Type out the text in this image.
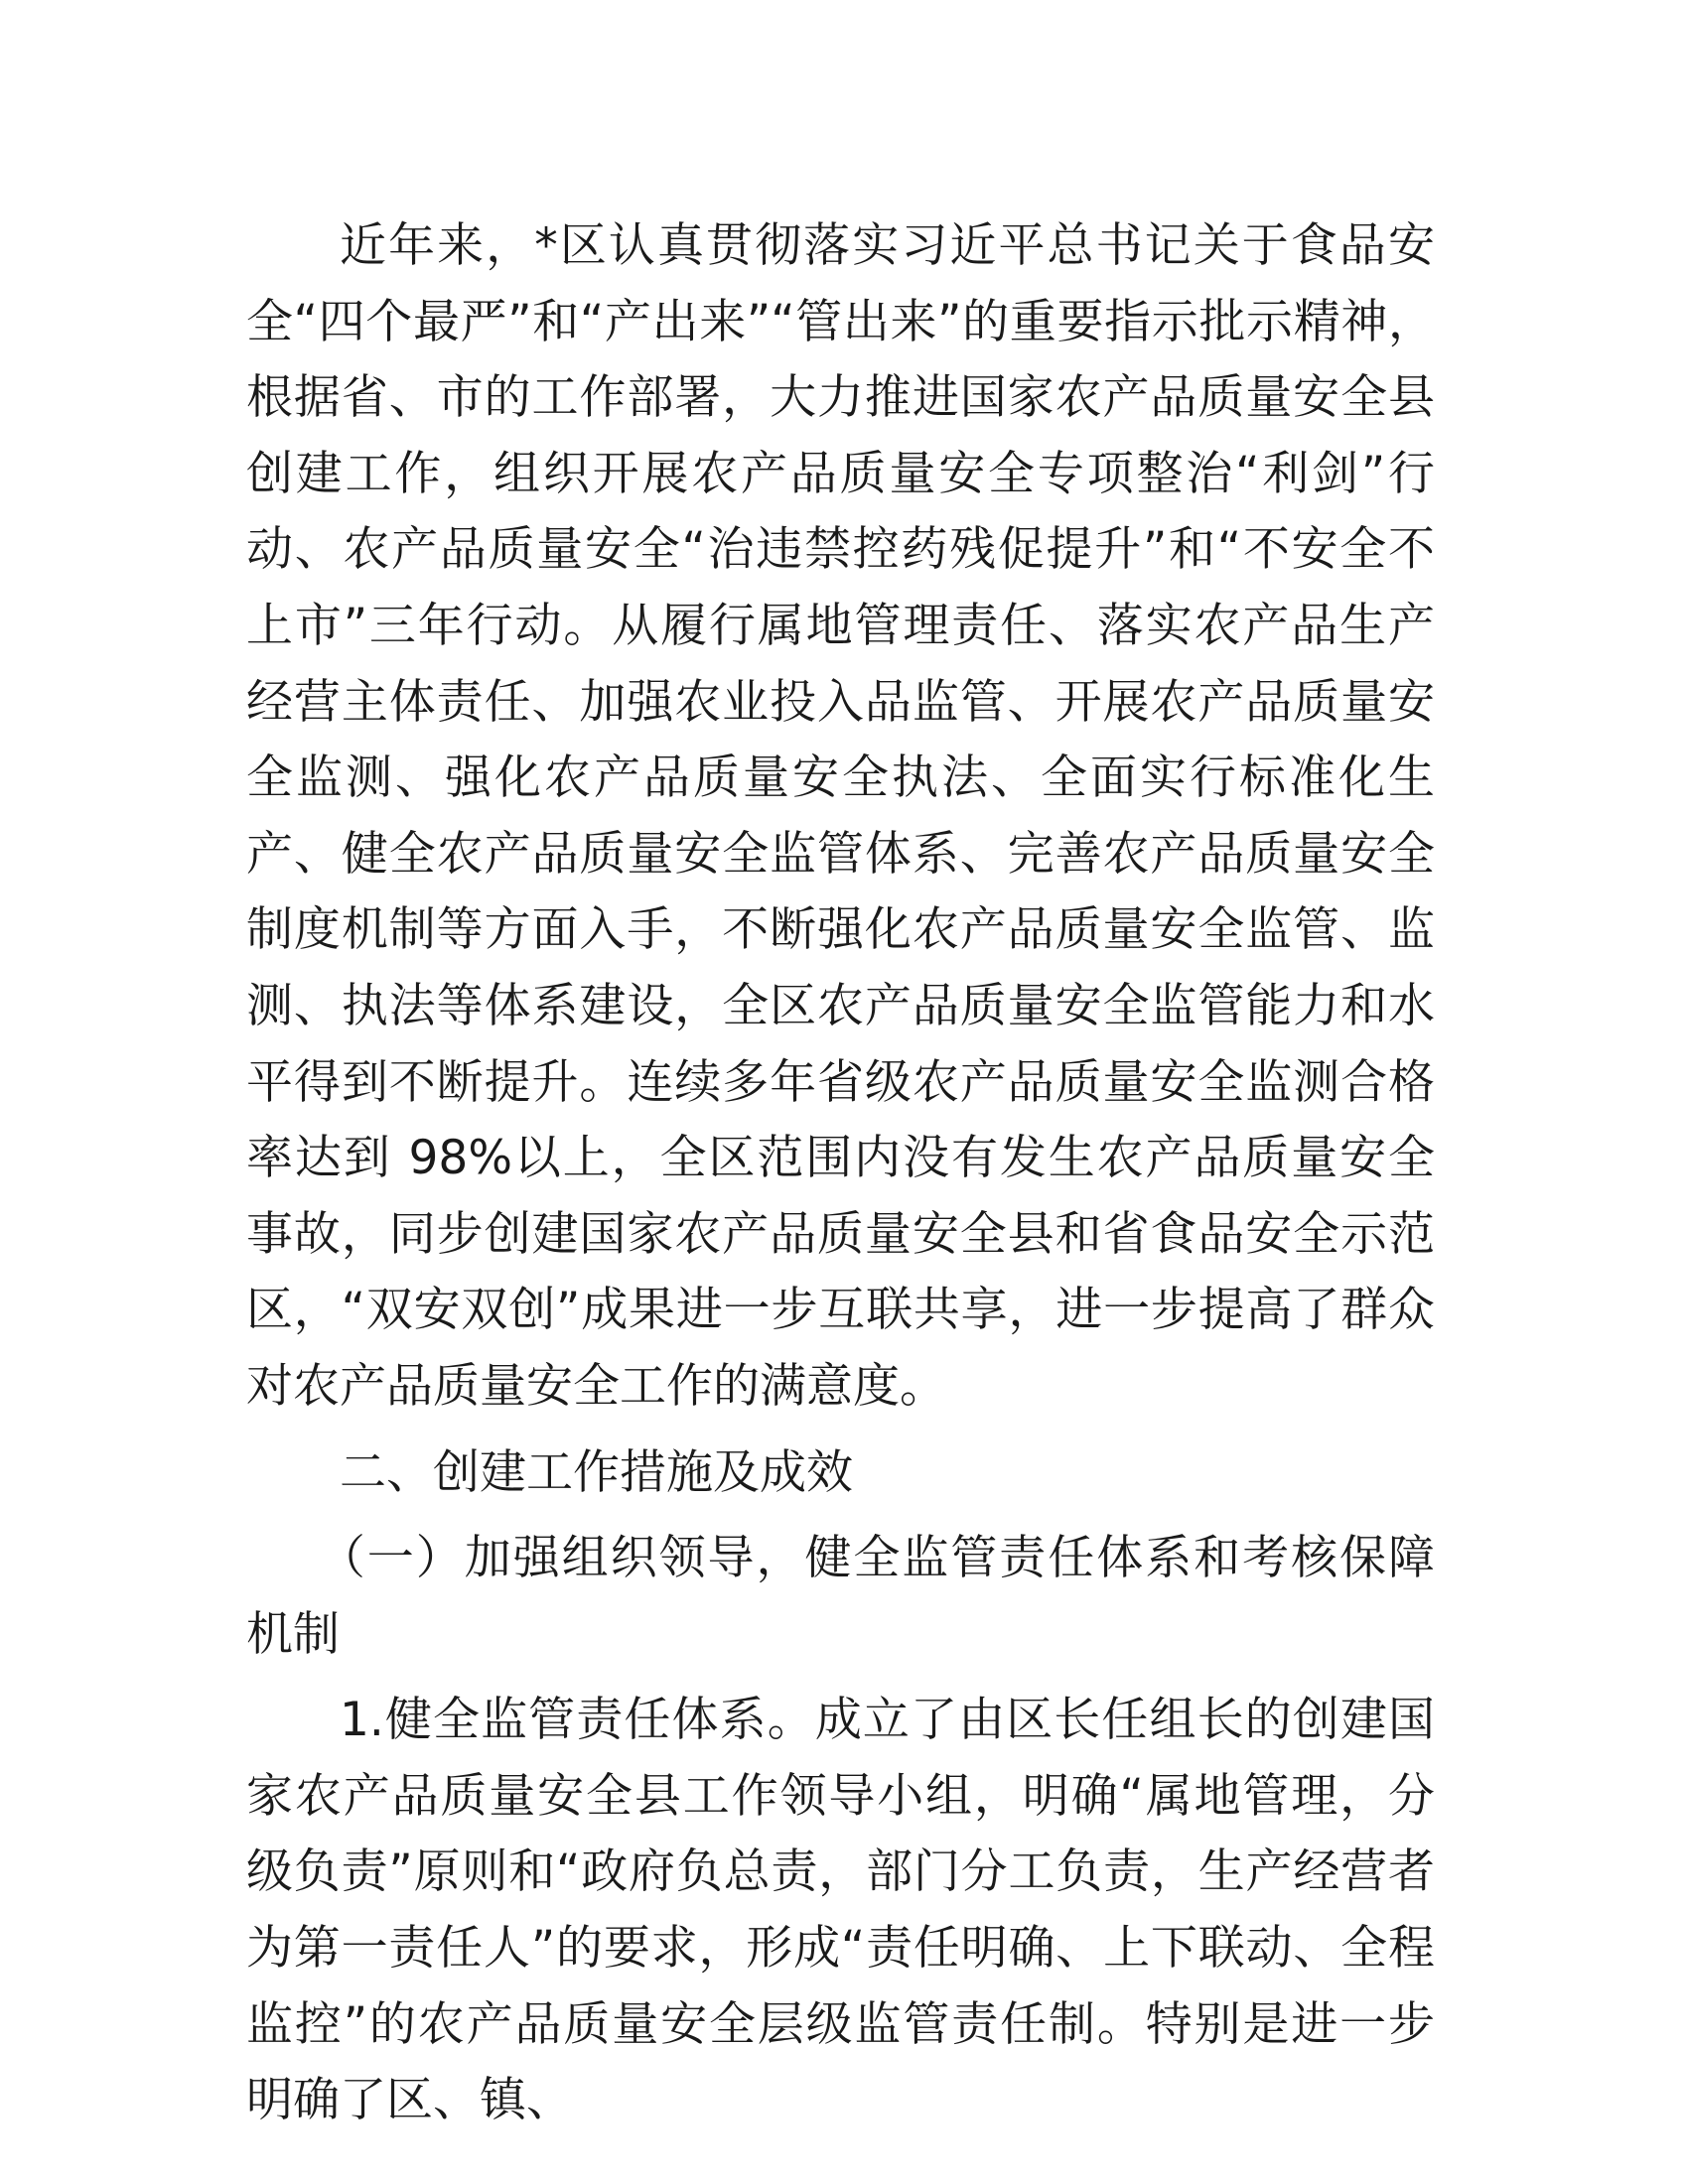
近年来，*区认真贯彻落实习近平总书记关于食品安全“四个最严”和“产出来”“管出来”的重要指示批示精神，根据省、市的工作部署，大力推进国家农产品质量安全县创建工作，组织开展农产品质量安全专项整治“利剑”行动、农产品质量安全“治违禁控药残促提升”和“不安全不上市”三年行动。从履行属地管理责任、落实农产品生产经营主体责任、加强农业投入品监管、开展农产品质量安全监测、强化农产品质量安全执法、全面实行标准化生产、健全农产品质量安全监管体系、完善农产品质量安全制度机制等方面入手，不断强化农产品质量安全监管、监测、执法等体系建设，全区农产品质量安全监管能力和水平得到不断提升。连续多年省级农产品质量安全监测合格率达到 98%以上，全区范围内没有发生农产品质量安全事故，同步创建国家农产品质量安全县和省食品安全示范区，“双安双创”成果进一步互联共享，进一步提高了群众对农产品质量安全工作的满意度。

二、创建工作措施及成效

（一）加强组织领导，健全监管责任体系和考核保障机制

1.健全监管责任体系。成立了由区长任组长的创建国家农产品质量安全县工作领导小组，明确“属地管理，分级负责”原则和“政府负总责，部门分工负责，生产经营者为第一责任人”的要求，形成“责任明确、上下联动、全程监控”的农产品质量安全层级监管责任制。特别是进一步明确了区、镇、
